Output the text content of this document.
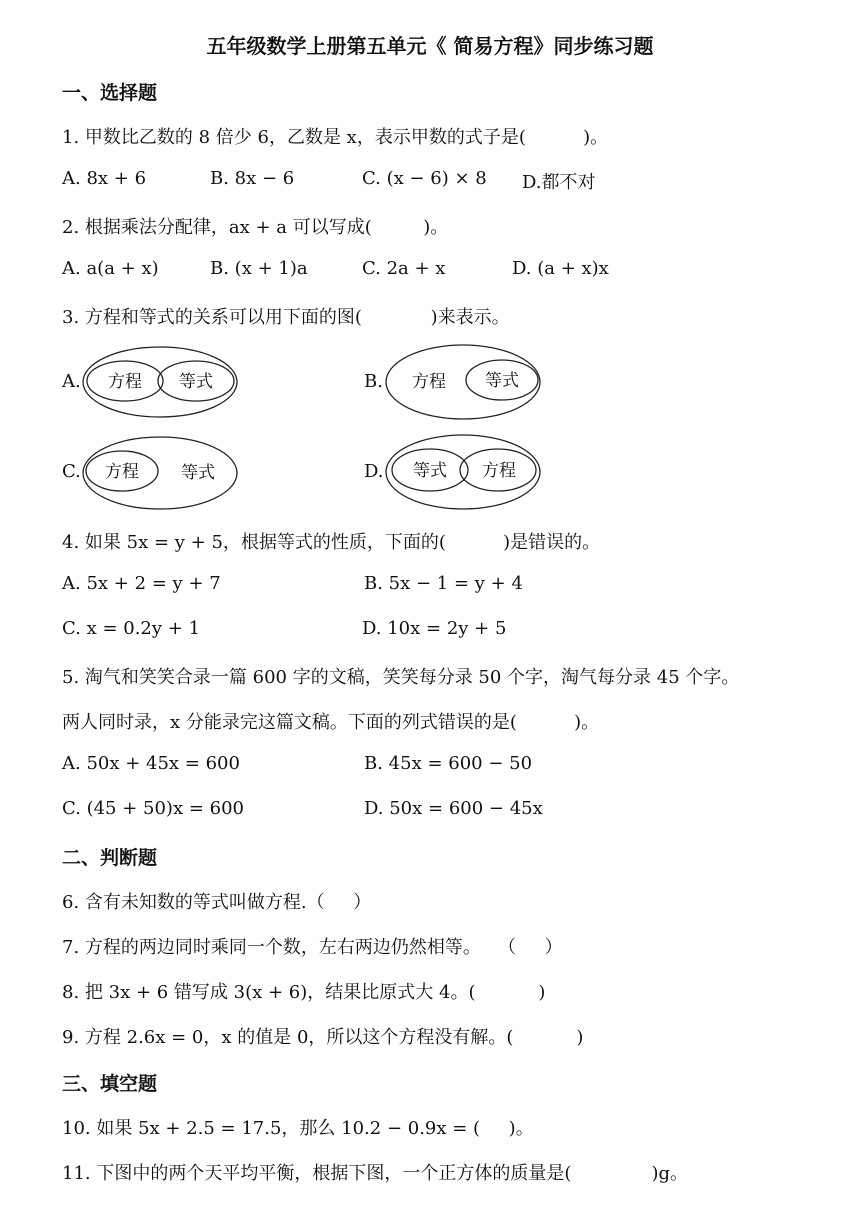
五年级数学上册第五单元《 简易方程》同步练习题
一、选择题
1. 甲数比乙数的 8 倍少 6，乙数是 x，表示甲数的式子是(          )。
A. 8x + 6	B. 8x − 6	C. (x − 6) × 8 D.都不对
2. 根据乘法分配律，ax + a 可以写成(         )。
A. a(a + x)	B. (x + 1)a	C. 2a + x	D. (a + x)x
3. 方程和等式的关系可以用下面的图(            )来表示。
A. 方程 等式	B. 方程 等式
C. 方程 等式	D. 等式 方程
4. 如果 5x = y + 5，根据等式的性质，下面的(          )是错误的。
A. 5x + 2 = y + 7	B. 5x − 1 = y + 4
C. x = 0.2y + 1	D. 10x = 2y + 5
5. 淘气和笑笑合录一篇 600 字的文稿，笑笑每分录 50 个字，淘气每分录 45 个字。
两人同时录，x 分能录完这篇文稿。下面的列式错误的是(          )。
A. 50x + 45x = 600	B. 45x = 600 − 50
C. (45 + 50)x = 600	D. 50x = 600 − 45x
二、判断题
6. 含有未知数的等式叫做方程.（     ）
7. 方程的两边同时乘同一个数，左右两边仍然相等。   （     ）
8. 把 3x + 6 错写成 3(x + 6)，结果比原式大 4。(           )
9. 方程 2.6x = 0，x 的值是 0，所以这个方程没有解。(           )
三、填空题
10. 如果 5x + 2.5 = 17.5，那么 10.2 − 0.9x = (     )。
11. 下图中的两个天平均平衡，根据下图，一个正方体的质量是(              )g。
